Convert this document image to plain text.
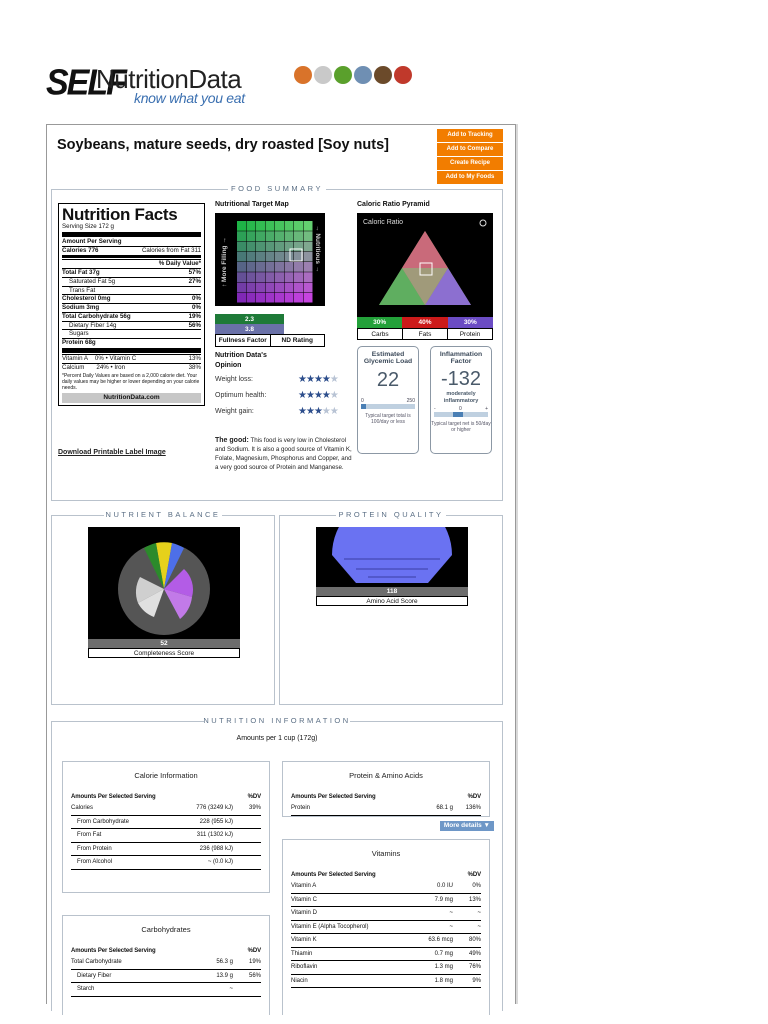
SELF
NutritionData
know what you eat
Soybeans, mature seeds, dry roasted [Soy nuts]
Add to Tracking
Add to Compare
Create Recipe
Add to My Foods
FOOD SUMMARY
Nutrition Facts
Serving Size 172 g
Amount Per Serving
Calories 776	Calories from Fat 311
% Daily Value*
Total Fat 37g	57%
Saturated Fat 5g	27%
Trans Fat
Cholesterol 0mg	0%
Sodium 3mg	0%
Total Carbohydrate 56g	19%
Dietary Fiber 14g	56%
Sugars
Protein 68g
Vitamin A 0% • Vitamin C	13%
Calcium 24% • Iron	38%
*Percent Daily Values are based on a 2,000 calorie diet. Your daily values may be higher or lower depending on your calorie needs.
NutritionData.com
Download Printable Label Image
Nutritional Target Map
↑ More Filling →
→ Nutritious →
2.3
3.8
Fullness Factor	ND Rating
Caloric Ratio Pyramid
Caloric Ratio
30%	40%	30%
Carbs	Fats	Protein
Estimated Glycemic Load
22
0	250
Typical target total is 100/day or less
Inflammation Factor
-132
moderately inflammatory
-	0	+
Typical target net is 50/day or higher
Nutrition Data's Opinion
Weight loss:	★★★★★
Optimum health:	★★★★★
Weight gain:	★★★★★
The good: This food is very low in Cholesterol and Sodium. It is also a good source of Vitamin K, Folate, Magnesium, Phosphorus and Copper, and a very good source of Protein and Manganese.
NUTRIENT BALANCE
52
Completeness Score
PROTEIN QUALITY
118
Amino Acid Score
NUTRITION INFORMATION
Amounts per 1 cup (172g)
Calorie Information
Amounts Per Selected Serving	%DV
Calories	776 (3249 kJ)	39%
From Carbohydrate	228 (955 kJ)
From Fat	311 (1302 kJ)
From Protein	236 (988 kJ)
From Alcohol	~ (0.0 kJ)
Protein & Amino Acids
Amounts Per Selected Serving	%DV
Protein	68.1 g	136%
More details ▼
Vitamins
Amounts Per Selected Serving	%DV
Vitamin A	0.0 IU	0%
Vitamin C	7.9 mg	13%
Vitamin D	~	~
Vitamin E (Alpha Tocopherol)	~	~
Vitamin K	63.6 mcg	80%
Thiamin	0.7 mg	49%
Riboflavin	1.3 mg	76%
Niacin	1.8 mg	9%
Carbohydrates
Amounts Per Selected Serving	%DV
Total Carbohydrate	56.3 g	19%
Dietary Fiber	13.9 g	56%
Starch	~
